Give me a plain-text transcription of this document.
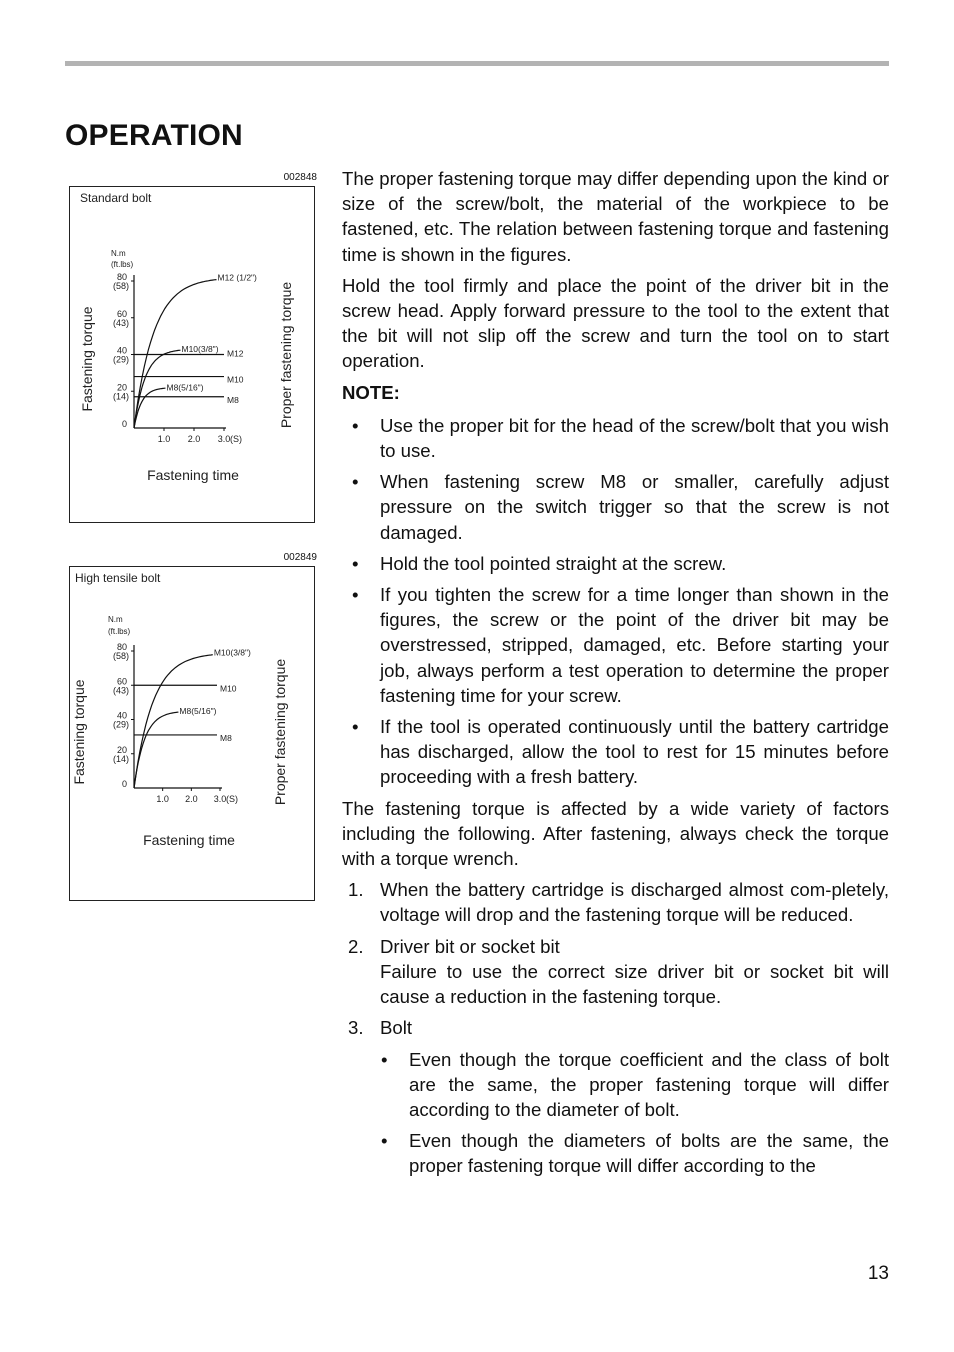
OPERATION
002848
Standard bolt
N.m
(ft.lbs)
Fastening torque	Proper fastening torque
Fastening time
0
20
(14)
40
(29)
60
(43)
80
(58)
1.0 2.0 3.0 (S)
M12 (1/2")
M12
M10(3/8")
M10
M8(5/16")
M8
002849
High tensile bolt
N.m
(ft.lbs)
Fastening torque	Proper fastening torque
Fastening time
0
20
(14)
40
(29)
60
(43)
80
(58)
1.0 2.0 3.0 (S)
M10(3/8")
M10
M8(5/16")
M8

The proper fastening torque may differ depending upon the kind or size of the screw/bolt, the material of the workpiece to be fastened, etc. The relation between fastening torque and fastening time is shown in the figures.

Hold the tool firmly and place the point of the driver bit in the screw head. Apply forward pressure to the tool to the extent that the bit will not slip off the screw and turn the tool on to start operation.

NOTE:

• Use the proper bit for the head of the screw/bolt that you wish to use.
• When fastening screw M8 or smaller, carefully adjust pressure on the switch trigger so that the screw is not damaged.
• Hold the tool pointed straight at the screw.
• If you tighten the screw for a time longer than shown in the figures, the screw or the point of the driver bit may be overstressed, stripped, damaged, etc. Before starting your job, always perform a test operation to determine the proper fastening time for your screw.
• If the tool is operated continuously until the battery cartridge has discharged, allow the tool to rest for 15 minutes before proceeding with a fresh battery.

The fastening torque is affected by a wide variety of factors including the following. After fastening, always check the torque with a torque wrench.

1. When the battery cartridge is discharged almost com-pletely, voltage will drop and the fastening torque will be reduced.
2. Driver bit or socket bit
Failure to use the correct size driver bit or socket bit will cause a reduction in the fastening torque.
3. Bolt
• Even though the torque coefficient and the class of bolt are the same, the proper fastening torque will differ according to the diameter of bolt.
• Even though the diameters of bolts are the same, the proper fastening torque will differ according to the
13
